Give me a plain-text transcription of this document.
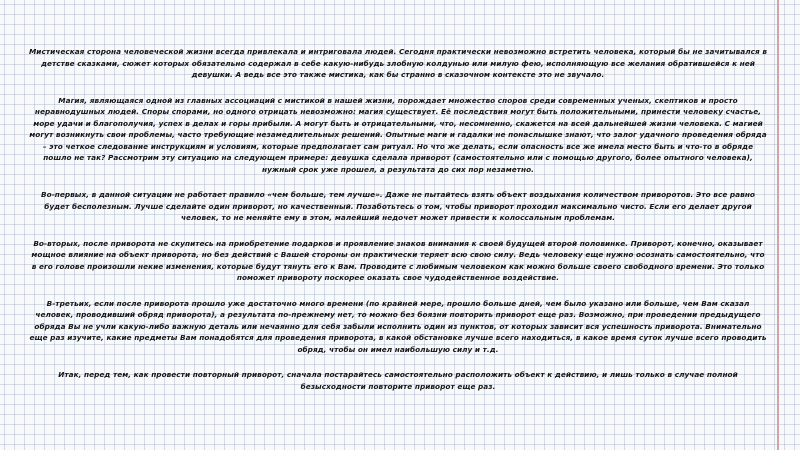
Мистическая сторона человеческой жизни всегда привлекала и интриговала людей. Сегодня практически невозможно встретить человека, который бы не зачитывался в детстве сказками, сюжет которых обязательно содержал в себе какую-нибудь злобную колдунью или милую фею, исполняющую все желания обратившейся к ней девушки. А ведь все это также мистика, как бы странно в сказочном контексте это не звучало.

Магия, являющаяся одной из главных ассоциаций с мистикой в нашей жизни, порождает множество споров среди современных ученых, скептиков и просто неравнодушных людей. Споры спорами, но одного отрицать невозможно: магия существует. Её последствия могут быть положительными, принести человеку счастье, море удачи и благополучия, успех в делах и горы прибыли. А могут быть и отрицательными, что, несомненно, скажется на всей дальнейшей жизни человека. С магией могут возникнуть свои проблемы, часто требующие незамедлительных решений. Опытные маги и гадалки не понаслышке знают, что залог удачного проведения обряда – это четкое следование инструкциям и условиям, которые предполагает сам ритуал. Но что же делать, если опасность все же имела место быть и что-то в обряде пошло не так? Рассмотрим эту ситуацию на следующем примере: девушка сделала приворот (самостоятельно или с помощью другого, более опытного человека), нужный срок уже прошел, а результата до сих пор незаметно.

Во-первых, в данной ситуации не работает правило «чем больше, тем лучше». Даже не пытайтесь взять объект воздыхания количеством приворотов. Это все равно будет бесполезным. Лучше сделайте один приворот, но качественный. Позаботьтесь о том, чтобы приворот проходил максимально чисто. Если его делает другой человек, то не меняйте ему в этом, малейший недочет может привести к колоссальным проблемам.

Во-вторых, после приворота не скупитесь на приобретение подарков и проявление знаков внимания к своей будущей второй половинке. Приворот, конечно, оказывает мощное влияние на объект приворота, но без действий с Вашей стороны он практически теряет всю свою силу. Ведь человеку еще нужно осознать самостоятельно, что в его голове произошли некие изменения, которые будут тянуть его к Вам. Проводите с любимым человеком как можно больше своего свободного времени. Это только поможет привороту поскорее оказать свое чудодейственное воздействие.

В-третьих, если после приворота прошло уже достаточно много времени (по крайней мере, прошло больше дней, чем было указано или больше, чем Вам сказал человек, проводивший обряд приворота), а результата по-прежнему нет, то можно без боязни повторить приворот еще раз. Возможно, при проведении предыдущего обряда Вы не учли какую-либо важную деталь или нечаянно для себя забыли исполнить один из пунктов, от которых зависит вся успешность приворота. Внимательно еще раз изучите, какие предметы Вам понадобятся для проведения приворота, в какой обстановке лучше всего находиться, в какое время суток лучше всего проводить обряд, чтобы он имел наибольшую силу и т.д.

Итак, перед тем, как провести повторный приворот, сначала постарайтесь самостоятельно расположить объект к действию, и лишь только в случае полной безысходности повторите приворот еще раз.
